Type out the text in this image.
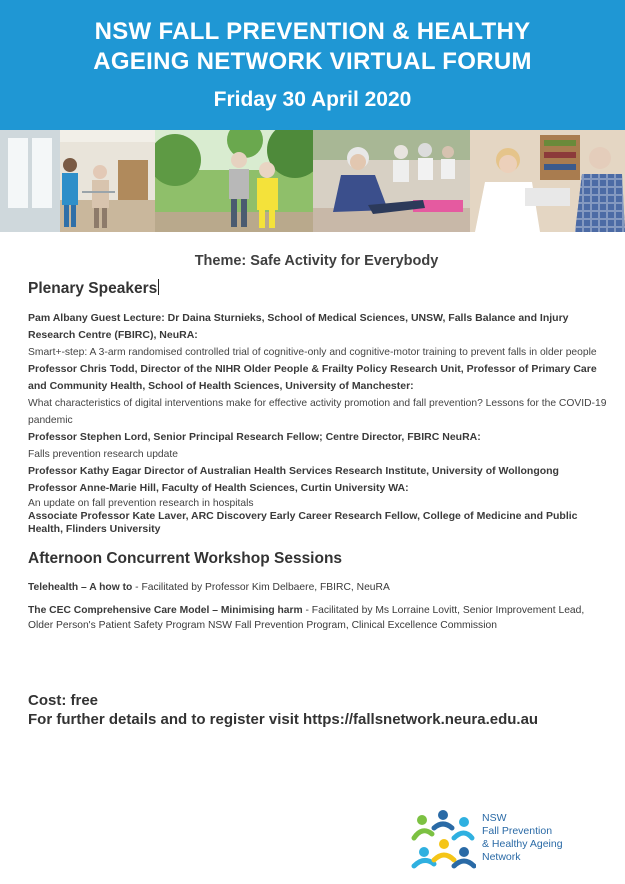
NSW FALL PREVENTION & HEALTHY
AGEING NETWORK VIRTUAL FORUM
Friday 30 April 2020
Theme: Safe Activity for Everybody
Plenary Speakers
Pam Albany Guest Lecture: Dr Daina Sturnieks, School of Medical Sciences, UNSW, Falls Balance and Injury Research Centre (FBIRC), NeuRA:
Smart+-step: A 3-arm randomised controlled trial of cognitive-only and cognitive-motor training to prevent falls in older people
Professor Chris Todd, Director of the NIHR Older People & Frailty Policy Research Unit, Professor of Primary Care and Community Health, School of Health Sciences, University of Manchester:
What characteristics of digital interventions make for effective activity promotion and fall prevention? Lessons for the COVID-19 pandemic
Professor Stephen Lord, Senior Principal Research Fellow; Centre Director, FBIRC NeuRA:
Falls prevention research update
Professor Kathy Eagar Director of Australian Health Services Research Institute, University of Wollongong
Professor Anne-Marie Hill, Faculty of Health Sciences, Curtin University WA:
An update on fall prevention research in hospitals
Associate Professor Kate Laver, ARC Discovery Early Career Research Fellow, College of Medicine and Public Health, Flinders University
Afternoon Concurrent Workshop Sessions
Telehealth – A how to - Facilitated by Professor Kim Delbaere, FBIRC, NeuRA
The CEC Comprehensive Care Model – Minimising harm - Facilitated by Ms Lorraine Lovitt, Senior Improvement Lead, Older Person's Patient Safety Program NSW Fall Prevention Program, Clinical Excellence Commission
Cost: free
For further details and to register visit https://fallsnetwork.neura.edu.au
NSW
Fall Prevention
& Healthy Ageing
Network
